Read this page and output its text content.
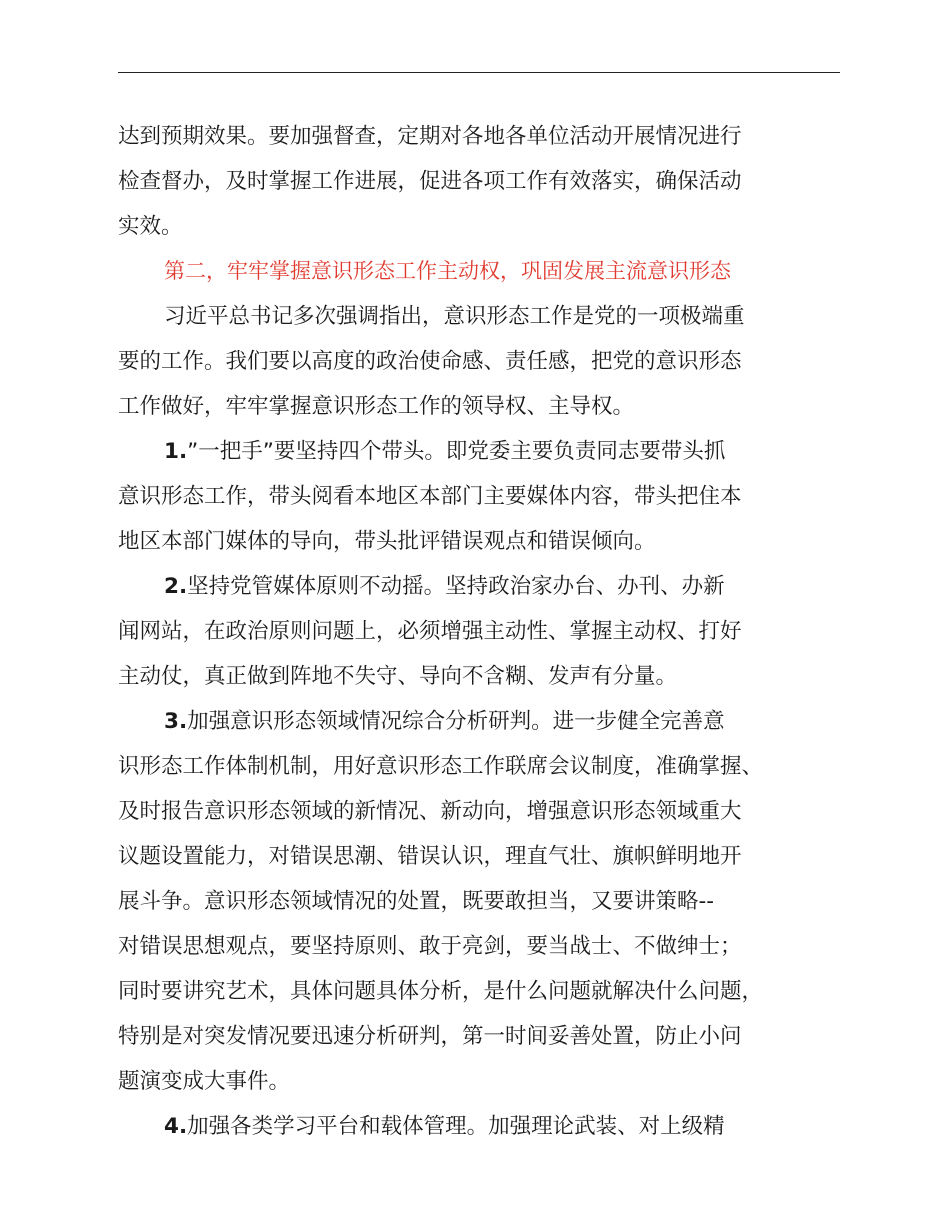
达到预期效果。要加强督查，定期对各地各单位活动开展情况进行
检查督办，及时掌握工作进展，促进各项工作有效落实，确保活动
实效。
第二，牢牢掌握意识形态工作主动权，巩固发展主流意识形态
习近平总书记多次强调指出，意识形态工作是党的一项极端重
要的工作。我们要以高度的政治使命感、责任感，把党的意识形态
工作做好，牢牢掌握意识形态工作的领导权、主导权。
1.”一把手”要坚持四个带头。即党委主要负责同志要带头抓
意识形态工作，带头阅看本地区本部门主要媒体内容，带头把住本
地区本部门媒体的导向，带头批评错误观点和错误倾向。
2.坚持党管媒体原则不动摇。坚持政治家办台、办刊、办新
闻网站，在政治原则问题上，必须增强主动性、掌握主动权、打好
主动仗，真正做到阵地不失守、导向不含糊、发声有分量。
3.加强意识形态领域情况综合分析研判。进一步健全完善意
识形态工作体制机制，用好意识形态工作联席会议制度，准确掌握、
及时报告意识形态领域的新情况、新动向，增强意识形态领域重大
议题设置能力，对错误思潮、错误认识，理直气壮、旗帜鲜明地开
展斗争。意识形态领域情况的处置，既要敢担当，又要讲策略--
对错误思想观点，要坚持原则、敢于亮剑，要当战士、不做绅士；
同时要讲究艺术，具体问题具体分析，是什么问题就解决什么问题，
特别是对突发情况要迅速分析研判，第一时间妥善处置，防止小问
题演变成大事件。
4.加强各类学习平台和载体管理。加强理论武装、对上级精
